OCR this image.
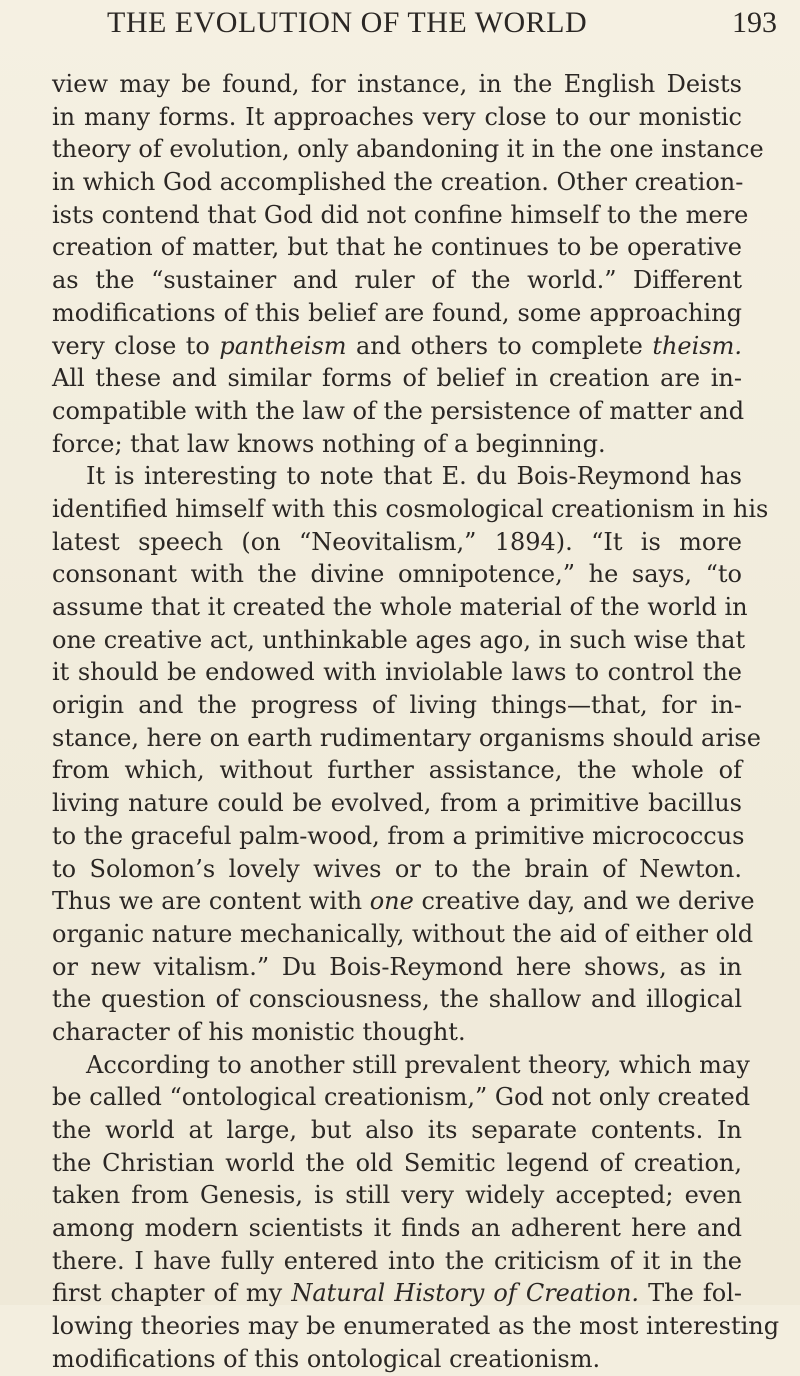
THE EVOLUTION OF THE WORLD	193
view may be found, for instance, in the English Deists
in many forms. It approaches very close to our monistic
theory of evolution, only abandoning it in the one instance
in which God accomplished the creation. Other creation-
ists contend that God did not confine himself to the mere
creation of matter, but that he continues to be operative
as the “sustainer and ruler of the world.” Different
modifications of this belief are found, some approaching
very close to pantheism and others to complete theism.
All these and similar forms of belief in creation are in-
compatible with the law of the persistence of matter and
force; that law knows nothing of a beginning.
It is interesting to note that E. du Bois-Reymond has
identified himself with this cosmological creationism in his
latest speech (on “Neovitalism,” 1894). “It is more
consonant with the divine omnipotence,” he says, “to
assume that it created the whole material of the world in
one creative act, unthinkable ages ago, in such wise that
it should be endowed with inviolable laws to control the
origin and the progress of living things—that, for in-
stance, here on earth rudimentary organisms should arise
from which, without further assistance, the whole of
living nature could be evolved, from a primitive bacillus
to the graceful palm-wood, from a primitive micrococcus
to Solomon’s lovely wives or to the brain of Newton.
Thus we are content with one creative day, and we derive
organic nature mechanically, without the aid of either old
or new vitalism.” Du Bois-Reymond here shows, as in
the question of consciousness, the shallow and illogical
character of his monistic thought.
According to another still prevalent theory, which may
be called “ontological creationism,” God not only created
the world at large, but also its separate contents. In
the Christian world the old Semitic legend of creation,
taken from Genesis, is still very widely accepted; even
among modern scientists it finds an adherent here and
there. I have fully entered into the criticism of it in the
first chapter of my Natural History of Creation. The fol-
lowing theories may be enumerated as the most interesting
modifications of this ontological creationism.
